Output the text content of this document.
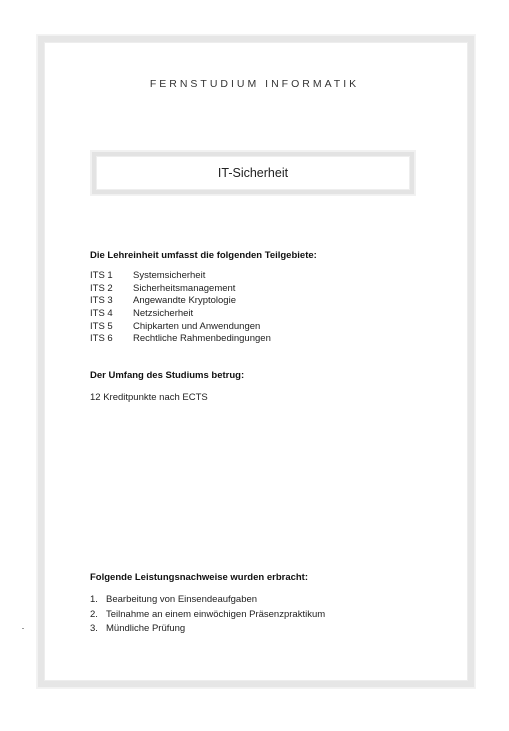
FERNSTUDIUM INFORMATIK
IT-Sicherheit
Die Lehreinheit umfasst die folgenden Teilgebiete:
ITS 1 Systemsicherheit
ITS 2 Sicherheitsmanagement
ITS 3 Angewandte Kryptologie
ITS 4 Netzsicherheit
ITS 5 Chipkarten und Anwendungen
ITS 6 Rechtliche Rahmenbedingungen
Der Umfang des Studiums betrug:
12 Kreditpunkte nach ECTS
Folgende Leistungsnachweise wurden erbracht:
1. Bearbeitung von Einsendeaufgaben
2. Teilnahme an einem einwöchigen Präsenzpraktikum
3. Mündliche Prüfung
